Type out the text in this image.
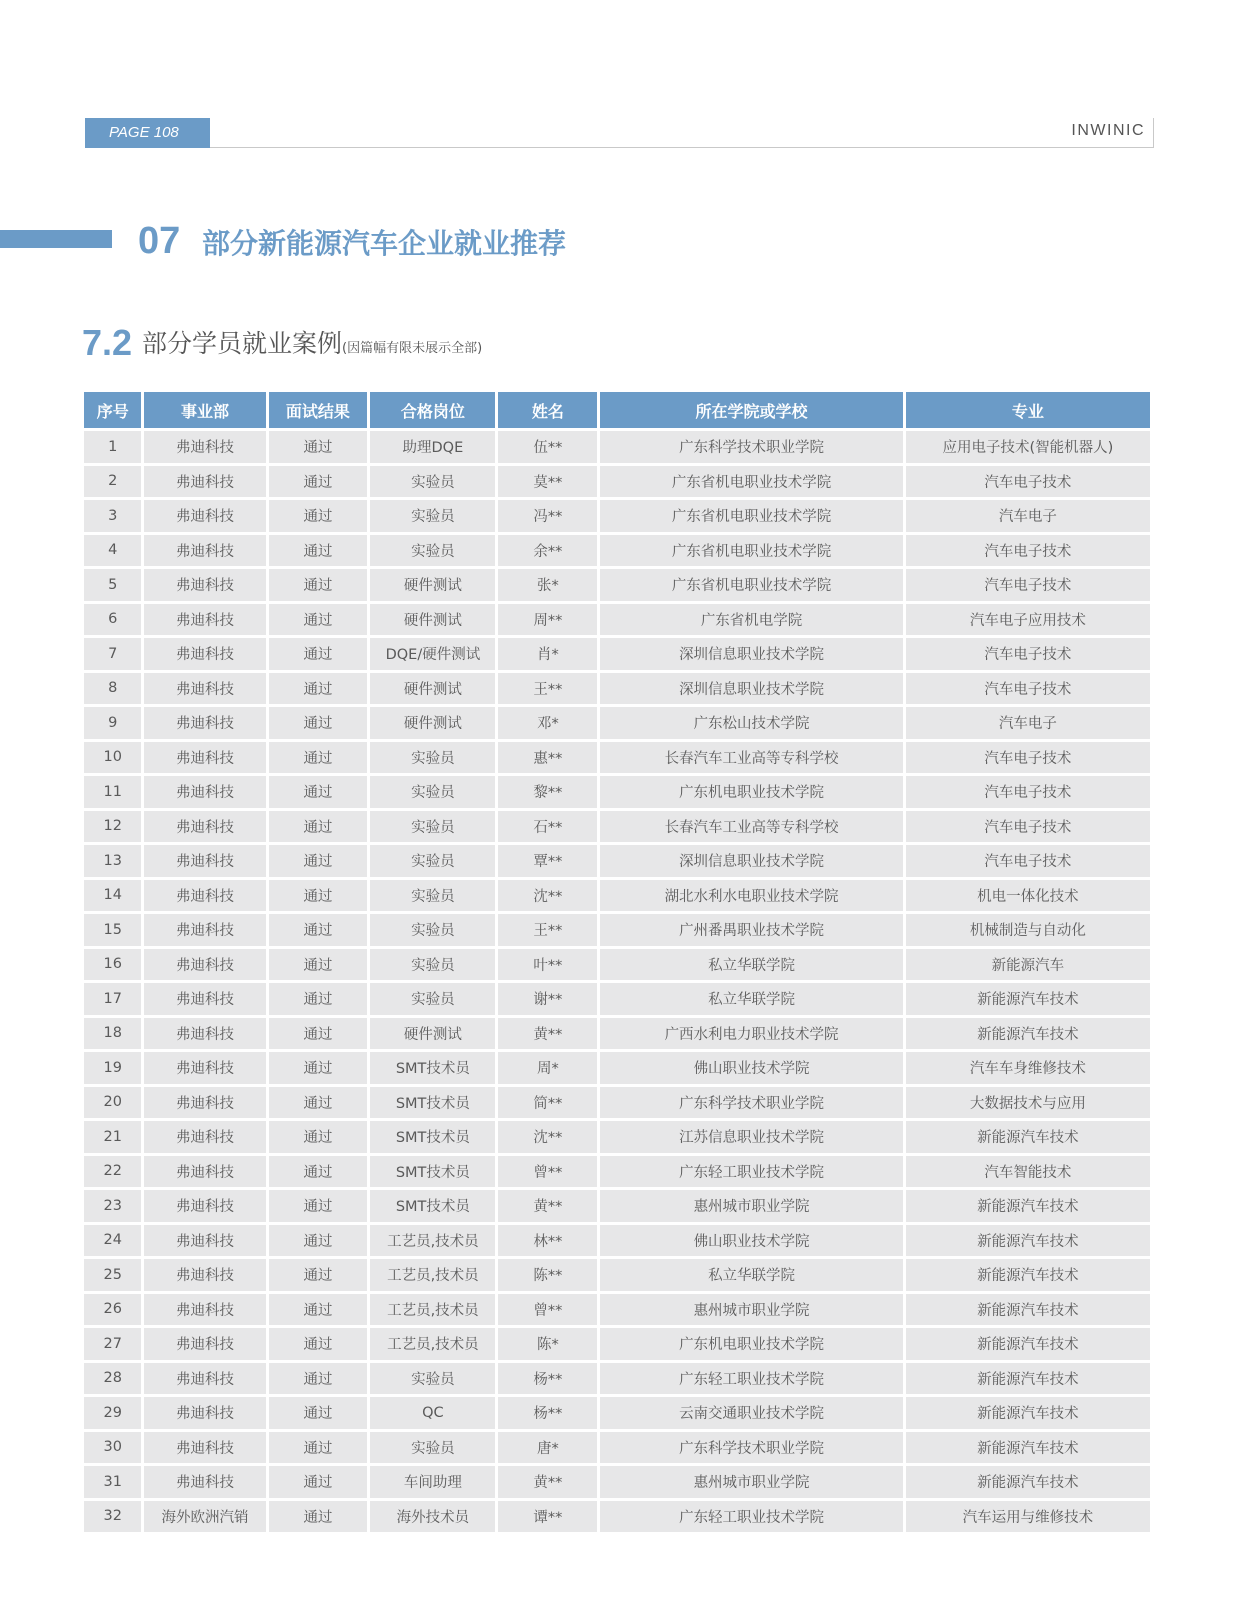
PAGE 108	INWINIC
07 部分新能源汽车企业就业推荐
7.2 部分学员就业案例(因篇幅有限未展示全部)
序号	事业部	面试结果	合格岗位	姓名	所在学院或学校	专业
1	弗迪科技	通过	助理DQE	伍**	广东科学技术职业学院	应用电子技术(智能机器人)
2	弗迪科技	通过	实验员	莫**	广东省机电职业技术学院	汽车电子技术
3	弗迪科技	通过	实验员	冯**	广东省机电职业技术学院	汽车电子
4	弗迪科技	通过	实验员	余**	广东省机电职业技术学院	汽车电子技术
5	弗迪科技	通过	硬件测试	张*	广东省机电职业技术学院	汽车电子技术
6	弗迪科技	通过	硬件测试	周**	广东省机电学院	汽车电子应用技术
7	弗迪科技	通过	DQE/硬件测试	肖*	深圳信息职业技术学院	汽车电子技术
8	弗迪科技	通过	硬件测试	王**	深圳信息职业技术学院	汽车电子技术
9	弗迪科技	通过	硬件测试	邓*	广东松山技术学院	汽车电子
10	弗迪科技	通过	实验员	惠**	长春汽车工业高等专科学校	汽车电子技术
11	弗迪科技	通过	实验员	黎**	广东机电职业技术学院	汽车电子技术
12	弗迪科技	通过	实验员	石**	长春汽车工业高等专科学校	汽车电子技术
13	弗迪科技	通过	实验员	覃**	深圳信息职业技术学院	汽车电子技术
14	弗迪科技	通过	实验员	沈**	湖北水利水电职业技术学院	机电一体化技术
15	弗迪科技	通过	实验员	王**	广州番禺职业技术学院	机械制造与自动化
16	弗迪科技	通过	实验员	叶**	私立华联学院	新能源汽车
17	弗迪科技	通过	实验员	谢**	私立华联学院	新能源汽车技术
18	弗迪科技	通过	硬件测试	黄**	广西水利电力职业技术学院	新能源汽车技术
19	弗迪科技	通过	SMT技术员	周*	佛山职业技术学院	汽车车身维修技术
20	弗迪科技	通过	SMT技术员	简**	广东科学技术职业学院	大数据技术与应用
21	弗迪科技	通过	SMT技术员	沈**	江苏信息职业技术学院	新能源汽车技术
22	弗迪科技	通过	SMT技术员	曾**	广东轻工职业技术学院	汽车智能技术
23	弗迪科技	通过	SMT技术员	黄**	惠州城市职业学院	新能源汽车技术
24	弗迪科技	通过	工艺员,技术员	林**	佛山职业技术学院	新能源汽车技术
25	弗迪科技	通过	工艺员,技术员	陈**	私立华联学院	新能源汽车技术
26	弗迪科技	通过	工艺员,技术员	曾**	惠州城市职业学院	新能源汽车技术
27	弗迪科技	通过	工艺员,技术员	陈*	广东机电职业技术学院	新能源汽车技术
28	弗迪科技	通过	实验员	杨**	广东轻工职业技术学院	新能源汽车技术
29	弗迪科技	通过	QC	杨**	云南交通职业技术学院	新能源汽车技术
30	弗迪科技	通过	实验员	唐*	广东科学技术职业学院	新能源汽车技术
31	弗迪科技	通过	车间助理	黄**	惠州城市职业学院	新能源汽车技术
32	海外欧洲汽销	通过	海外技术员	谭**	广东轻工职业技术学院	汽车运用与维修技术
